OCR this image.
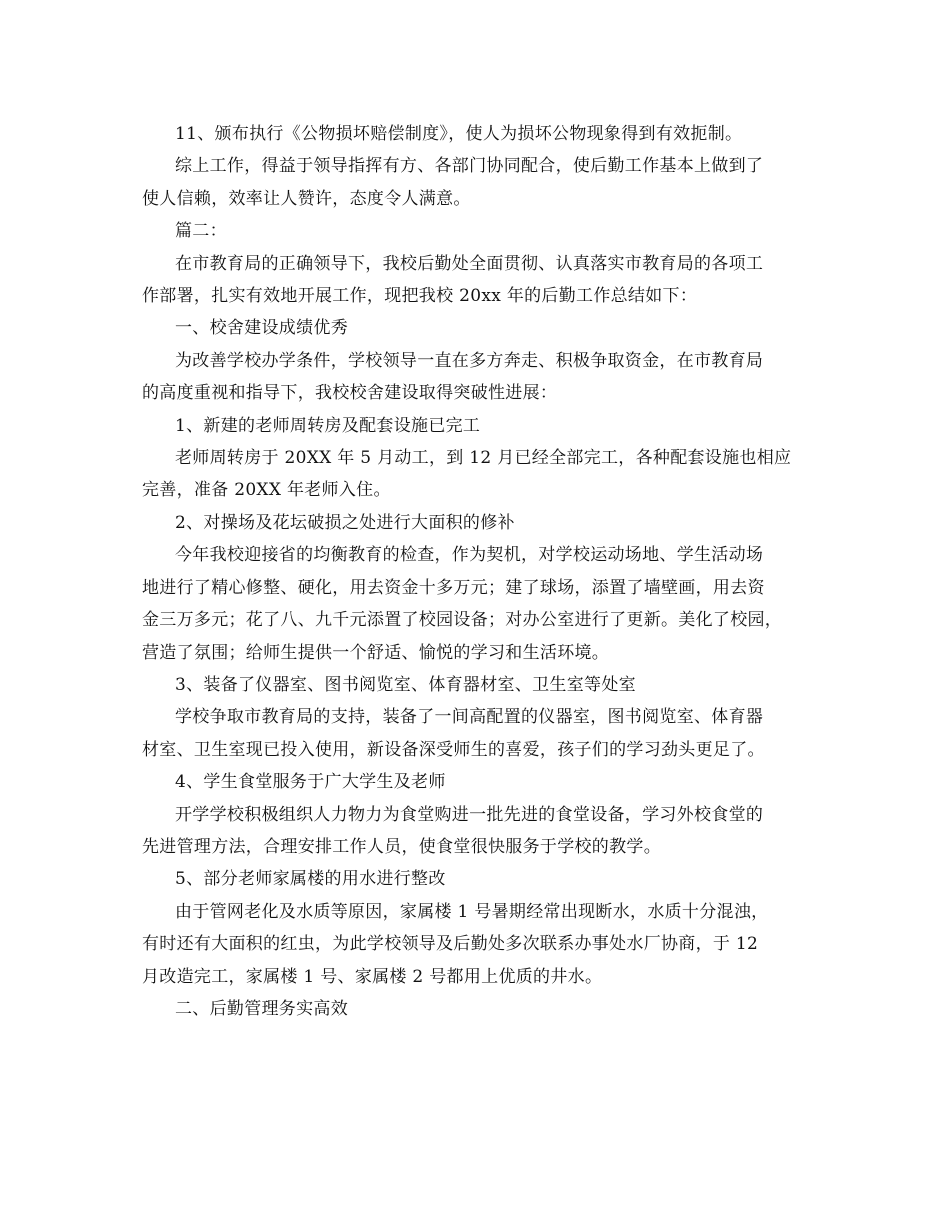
11、颁布执行《公物损坏赔偿制度》，使人为损坏公物现象得到有效扼制。
综上工作，得益于领导指挥有方、各部门协同配合，使后勤工作基本上做到了
使人信赖，效率让人赞许，态度令人满意。
篇二：
在市教育局的正确领导下，我校后勤处全面贯彻、认真落实市教育局的各项工
作部署，扎实有效地开展工作，现把我校 20xx 年的后勤工作总结如下：
一、校舍建设成绩优秀
为改善学校办学条件，学校领导一直在多方奔走、积极争取资金，在市教育局
的高度重视和指导下，我校校舍建设取得突破性进展：
1、新建的老师周转房及配套设施已完工
老师周转房于 20XX 年 5 月动工，到 12 月已经全部完工，各种配套设施也相应
完善，准备 20XX 年老师入住。
2、对操场及花坛破损之处进行大面积的修补
今年我校迎接省的均衡教育的检查，作为契机，对学校运动场地、学生活动场
地进行了精心修整、硬化，用去资金十多万元；建了球场，添置了墙壁画，用去资
金三万多元；花了八、九千元添置了校园设备；对办公室进行了更新。美化了校园，
营造了氛围；给师生提供一个舒适、愉悦的学习和生活环境。
3、装备了仪器室、图书阅览室、体育器材室、卫生室等处室
学校争取市教育局的支持，装备了一间高配置的仪器室，图书阅览室、体育器
材室、卫生室现已投入使用，新设备深受师生的喜爱，孩子们的学习劲头更足了。
4、学生食堂服务于广大学生及老师
开学学校积极组织人力物力为食堂购进一批先进的食堂设备，学习外校食堂的
先进管理方法，合理安排工作人员，使食堂很快服务于学校的教学。
5、部分老师家属楼的用水进行整改
由于管网老化及水质等原因，家属楼 1 号暑期经常出现断水，水质十分混浊，
有时还有大面积的红虫，为此学校领导及后勤处多次联系办事处水厂协商，于 12
月改造完工，家属楼 1 号、家属楼 2 号都用上优质的井水。
二、后勤管理务实高效
